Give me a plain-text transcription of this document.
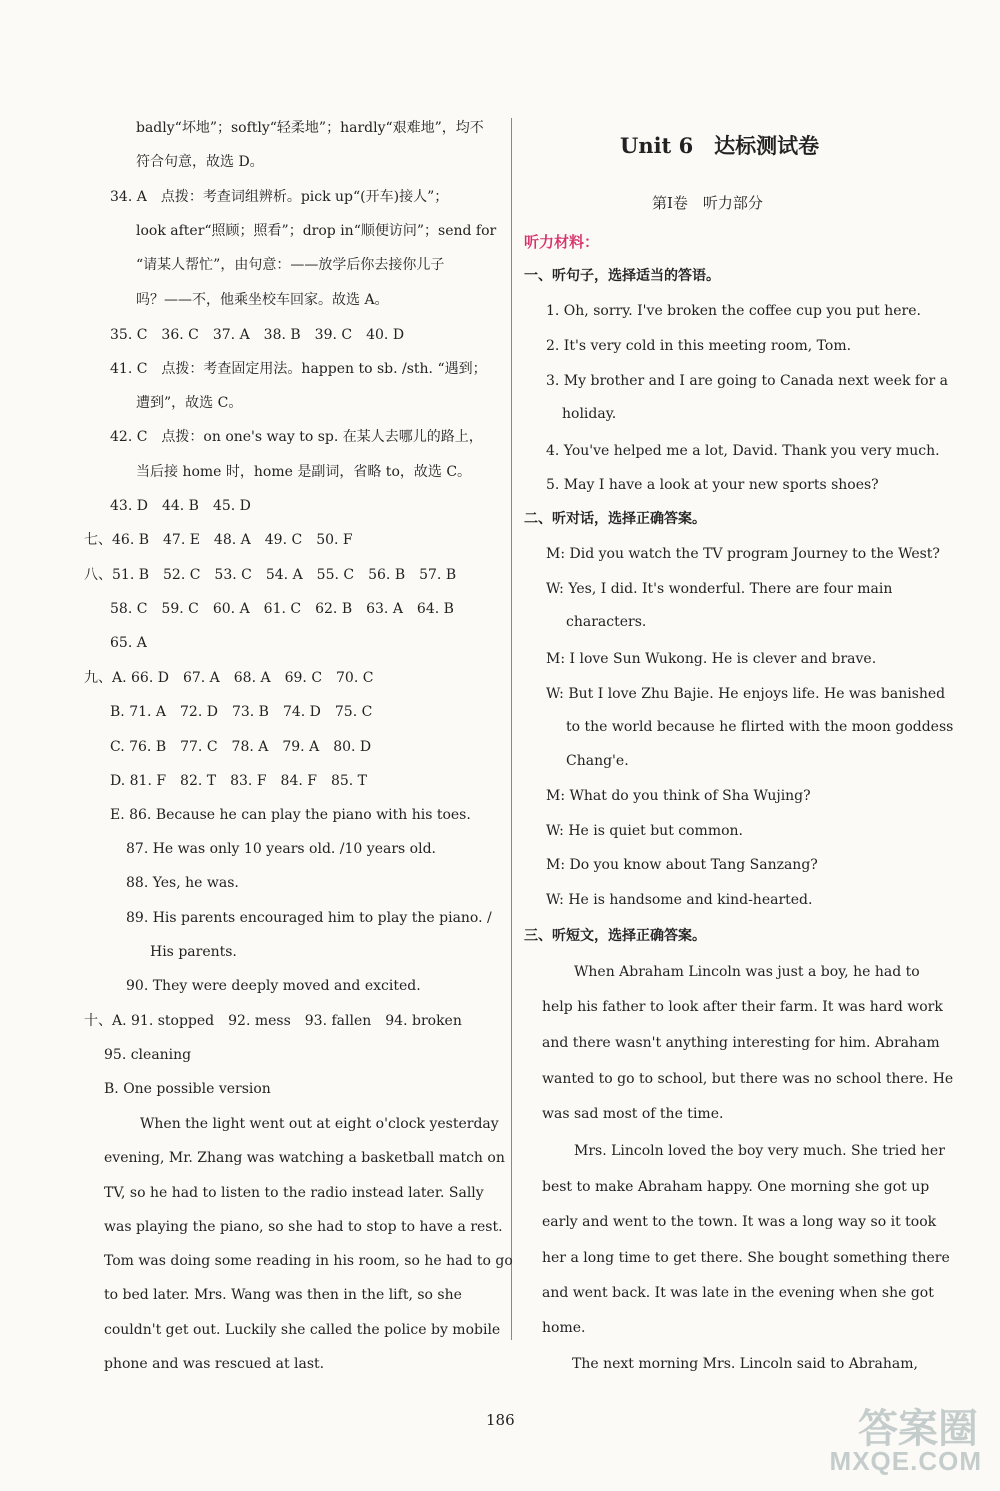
badly“坏地”；softly“轻柔地”；hardly“艰难地”，均不
符合句意，故选 D。
34. A　点拨：考查词组辨析。pick up“(开车)接人”；
look after“照顾；照看”；drop in“顺便访问”；send for
“请某人帮忙”，由句意：——放学后你去接你儿子
吗？——不，他乘坐校车回家。故选 A。
35. C　36. C　37. A　38. B　39. C　40. D
41. C　点拨：考查固定用法。happen to sb. /sth. “遇到；
遭到”，故选 C。
42. C　点拨：on one's way to sp. 在某人去哪儿的路上，
当后接 home 时，home 是副词，省略 to，故选 C。
43. D　44. B　45. D
七、46. B　47. E　48. A　49. C　50. F
八、51. B　52. C　53. C　54. A　55. C　56. B　57. B
58. C　59. C　60. A　61. C　62. B　63. A　64. B
65. A
九、A. 66. D　67. A　68. A　69. C　70. C
B. 71. A　72. D　73. B　74. D　75. C
C. 76. B　77. C　78. A　79. A　80. D
D. 81. F　82. T　83. F　84. F　85. T
E. 86. Because he can play the piano with his toes.
87. He was only 10 years old. /10 years old.
88. Yes, he was.
89. His parents encouraged him to play the piano. /
His parents.
90. They were deeply moved and excited.
十、A. 91. stopped　92. mess　93. fallen　94. broken
95. cleaning
B. One possible version
When the light went out at eight o'clock yesterday
evening, Mr. Zhang was watching a basketball match on
TV, so he had to listen to the radio instead later. Sally
was playing the piano, so she had to stop to have a rest.
Tom was doing some reading in his room, so he had to go
to bed later. Mrs. Wang was then in the lift, so she
couldn't get out. Luckily she called the police by mobile
phone and was rescued at last.
Unit 6　达标测试卷
第Ⅰ卷　听力部分
听力材料：
一、听句子，选择适当的答语。
1. Oh, sorry. I've broken the coffee cup you put here.
2. It's very cold in this meeting room, Tom.
3. My brother and I are going to Canada next week for a
holiday.
4. You've helped me a lot, David. Thank you very much.
5. May I have a look at your new sports shoes?
二、听对话，选择正确答案。
M: Did you watch the TV program Journey to the West?
W: Yes, I did. It's wonderful. There are four main
characters.
M: I love Sun Wukong. He is clever and brave.
W: But I love Zhu Bajie. He enjoys life. He was banished
to the world because he flirted with the moon goddess
Chang'e.
M: What do you think of Sha Wujing?
W: He is quiet but common.
M: Do you know about Tang Sanzang?
W: He is handsome and kind-hearted.
三、听短文，选择正确答案。
When Abraham Lincoln was just a boy, he had to
help his father to look after their farm. It was hard work
and there wasn't anything interesting for him. Abraham
wanted to go to school, but there was no school there. He
was sad most of the time.
Mrs. Lincoln loved the boy very much. She tried her
best to make Abraham happy. One morning she got up
early and went to the town. It was a long way so it took
her a long time to get there. She bought something there
and went back. It was late in the evening when she got
home.
The next morning Mrs. Lincoln said to Abraham,
186	答案圈
MXQE.COM
